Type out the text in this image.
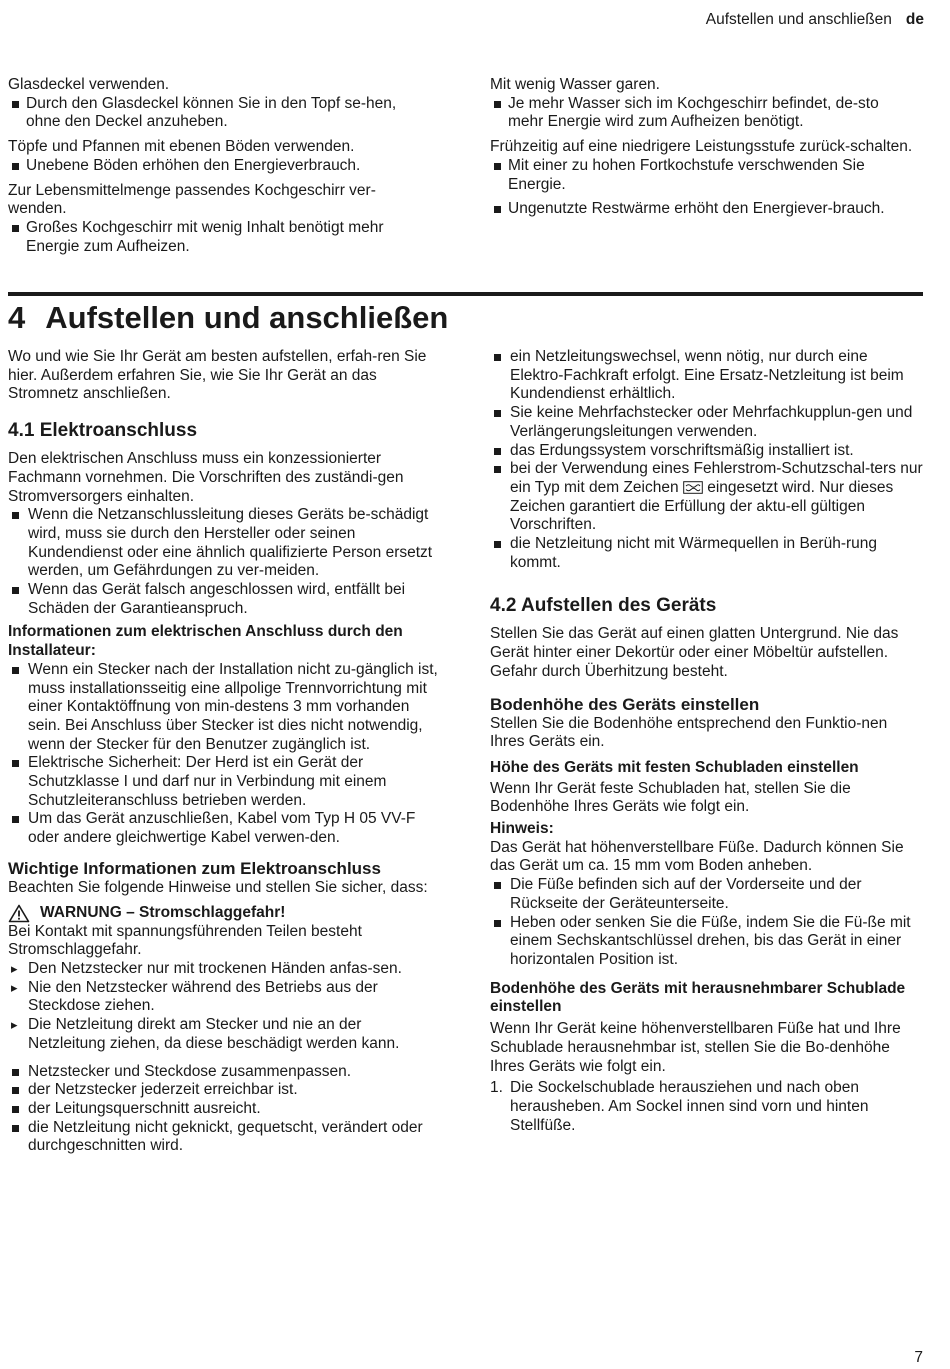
Aufstellen und anschließen de

Glasdeckel verwenden.

Durch den Glasdeckel können Sie in den Topf se-hen, ohne den Deckel anzuheben.

Töpfe und Pfannen mit ebenen Böden verwenden.

Unebene Böden erhöhen den Energieverbrauch.

Zur Lebensmittelmenge passendes Kochgeschirr ver-wenden.

Großes Kochgeschirr mit wenig Inhalt benötigt mehr Energie zum Aufheizen.

Mit wenig Wasser garen.

Je mehr Wasser sich im Kochgeschirr befindet, de-sto mehr Energie wird zum Aufheizen benötigt.

Frühzeitig auf eine niedrigere Leistungsstufe zurück-schalten.

Mit einer zu hohen Fortkochstufe verschwenden Sie Energie.
Ungenutzte Restwärme erhöht den Energiever-brauch.
4 Aufstellen und anschließen

Wo und wie Sie Ihr Gerät am besten aufstellen, erfah-ren Sie hier. Außerdem erfahren Sie, wie Sie Ihr Gerät an das Stromnetz anschließen.

4.1 Elektroanschluss

Den elektrischen Anschluss muss ein konzessionierter Fachmann vornehmen. Die Vorschriften des zuständi-gen Stromversorgers einhalten.

Wenn die Netzanschlussleitung dieses Geräts be-schädigt wird, muss sie durch den Hersteller oder seinen Kundendienst oder eine ähnlich qualifizierte Person ersetzt werden, um Gefährdungen zu ver-meiden.
Wenn das Gerät falsch angeschlossen wird, entfällt bei Schäden der Garantieanspruch.
Informationen zum elektrischen Anschluss durch den Installateur:
Wenn ein Stecker nach der Installation nicht zu-gänglich ist, muss installationsseitig eine allpolige Trennvorrichtung mit einer Kontaktöffnung von min-destens 3 mm vorhanden sein. Bei Anschluss über Stecker ist dies nicht notwendig, wenn der Stecker für den Benutzer zugänglich ist.
Elektrische Sicherheit: Der Herd ist ein Gerät der Schutzklasse I und darf nur in Verbindung mit einem Schutzleiteranschluss betrieben werden.
Um das Gerät anzuschließen, Kabel vom Typ H 05 VV-F oder andere gleichwertige Kabel verwen-den.
Wichtige Informationen zum Elektroanschluss

Beachten Sie folgende Hinweise und stellen Sie sicher, dass:

WARNUNG – Stromschlaggefahr!

Bei Kontakt mit spannungsführenden Teilen besteht Stromschlaggefahr.

▸ Den Netzstecker nur mit trockenen Händen anfas-sen.
▸ Nie den Netzstecker während des Betriebs aus der Steckdose ziehen.
▸ Die Netzleitung direkt am Stecker und nie an der Netzleitung ziehen, da diese beschädigt werden kann.
Netzstecker und Steckdose zusammenpassen.
der Netzstecker jederzeit erreichbar ist.
der Leitungsquerschnitt ausreicht.
die Netzleitung nicht geknickt, gequetscht, verändert oder durchgeschnitten wird.
ein Netzleitungswechsel, wenn nötig, nur durch eine Elektro-Fachkraft erfolgt. Eine Ersatz-Netzleitung ist beim Kundendienst erhältlich.
Sie keine Mehrfachstecker oder Mehrfachkupplun-gen und Verlängerungsleitungen verwenden.
das Erdungssystem vorschriftsmäßig installiert ist.
bei der Verwendung eines Fehlerstrom-Schutzschal-ters nur ein Typ mit dem Zeichen eingesetzt wird. Nur dieses Zeichen garantiert die Erfüllung der aktu-ell gültigen Vorschriften.
die Netzleitung nicht mit Wärmequellen in Berüh-rung kommt.
4.2 Aufstellen des Geräts

Stellen Sie das Gerät auf einen glatten Untergrund. Nie das Gerät hinter einer Dekortür oder einer Möbeltür aufstellen. Gefahr durch Überhitzung besteht.

Bodenhöhe des Geräts einstellen

Stellen Sie die Bodenhöhe entsprechend den Funktio-nen Ihres Geräts ein.

Höhe des Geräts mit festen Schubladen einstellen

Wenn Ihr Gerät feste Schubladen hat, stellen Sie die Bodenhöhe Ihres Geräts wie folgt ein.

Hinweis:

Das Gerät hat höhenverstellbare Füße. Dadurch können Sie das Gerät um ca. 15 mm vom Boden anheben.

Die Füße befinden sich auf der Vorderseite und der Rückseite der Geräteunterseite.
Heben oder senken Sie die Füße, indem Sie die Fü-ße mit einem Sechskantschlüssel drehen, bis das Gerät in einer horizontalen Position ist.
Bodenhöhe des Geräts mit herausnehmbarer Schublade einstellen

Wenn Ihr Gerät keine höhenverstellbaren Füße hat und Ihre Schublade herausnehmbar ist, stellen Sie die Bo-denhöhe Ihres Geräts wie folgt ein.

1. Die Sockelschublade herausziehen und nach oben herausheben. Am Sockel innen sind vorn und hinten Stellfüße.
7
